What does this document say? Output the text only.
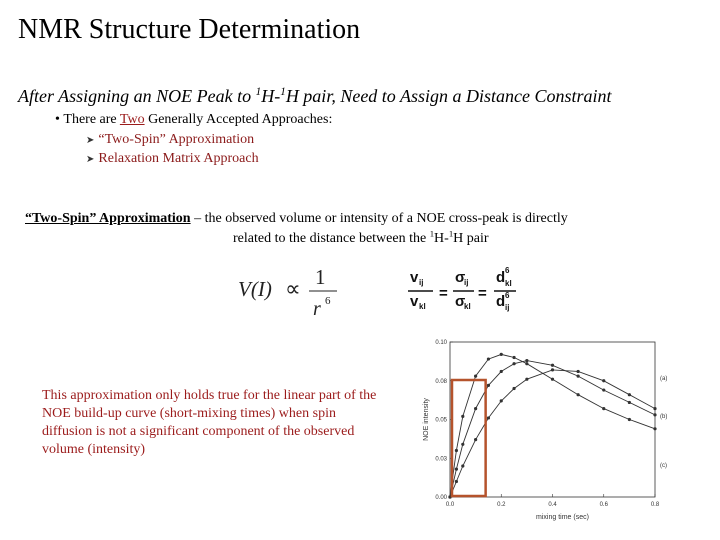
NMR Structure Determination
After Assigning an NOE Peak to $^1$H-$^1$H pair, Need to Assign a Distance Constraint
• There are Two Generally Accepted Approaches:
➤ “Two-Spin” Approximation
➤ Relaxation Matrix Approach
“Two-Spin” Approximation – the observed volume or intensity of a NOE cross-peak is directly
related to the distance between the $^1$H-$^1$H pair
This approximation only holds true for the linear part of the NOE build-up curve (short-mixing times) when spin diffusion is not a significant component of the observed volume (intensity)
V(I) ∝ 1
r 6
v ij
v kl
=
σ
ij
σ
kl
=
d 6
kl
d 6
ij
0.0	0.2	0.4	0.6	0.8
0.00
0.03
0.05
0.08
0.10
mixing time (sec)
NOE intensity
(a)
(b)
(c)
